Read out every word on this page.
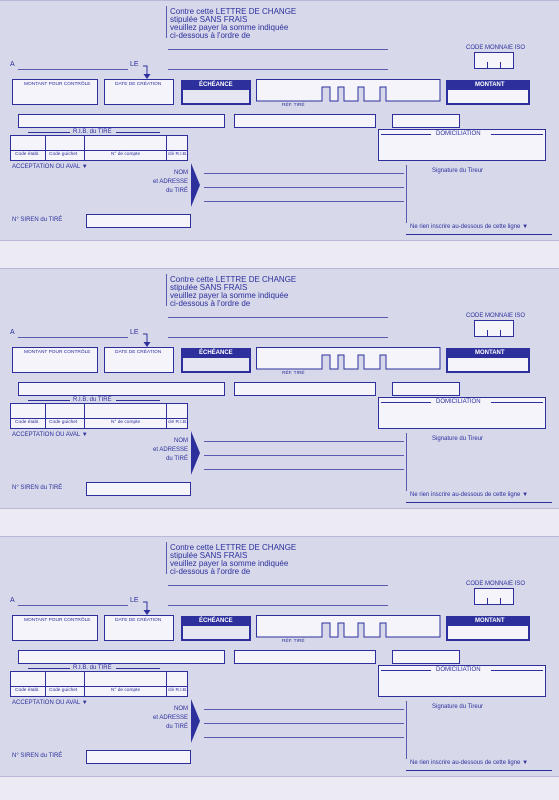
Contre cette LETTRE DE CHANGE
stipulée SANS FRAIS
veuillez payer la somme indiquée
ci-dessous à l'ordre de
CODE MONNAIE ISO
A	LE
MONTANT POUR CONTRÔLE	DATE DE CRÉATION	ÉCHÉANCE
RÉF. TIRÉ
MONTANT
R.I.B. du TIRÉ
Code établ. Code guichet	N° de compte	clé R.I.B.
DOMICILIATION
ACCEPTATION OU AVAL ▼
NOM
et ADRESSE
du TIRÉ
Signature du Tireur
N° SIREN du TIRÉ
Ne rien inscrire au-dessous de cette ligne ▼
Contre cette LETTRE DE CHANGE
stipulée SANS FRAIS
veuillez payer la somme indiquée
ci-dessous à l'ordre de
CODE MONNAIE ISO
A	LE
MONTANT POUR CONTRÔLE	DATE DE CRÉATION	ÉCHÉANCE
RÉF. TIRÉ
MONTANT
R.I.B. du TIRÉ
Code établ. Code guichet	N° de compte	clé R.I.B.
DOMICILIATION
ACCEPTATION OU AVAL ▼
NOM
et ADRESSE
du TIRÉ
Signature du Tireur
N° SIREN du TIRÉ
Ne rien inscrire au-dessous de cette ligne ▼
Contre cette LETTRE DE CHANGE
stipulée SANS FRAIS
veuillez payer la somme indiquée
ci-dessous à l'ordre de
CODE MONNAIE ISO
A	LE
MONTANT POUR CONTRÔLE	DATE DE CRÉATION	ÉCHÉANCE
RÉF. TIRÉ
MONTANT
R.I.B. du TIRÉ
Code établ. Code guichet	N° de compte	clé R.I.B.
DOMICILIATION
ACCEPTATION OU AVAL ▼
NOM
et ADRESSE
du TIRÉ
Signature du Tireur
N° SIREN du TIRÉ
Ne rien inscrire au-dessous de cette ligne ▼
